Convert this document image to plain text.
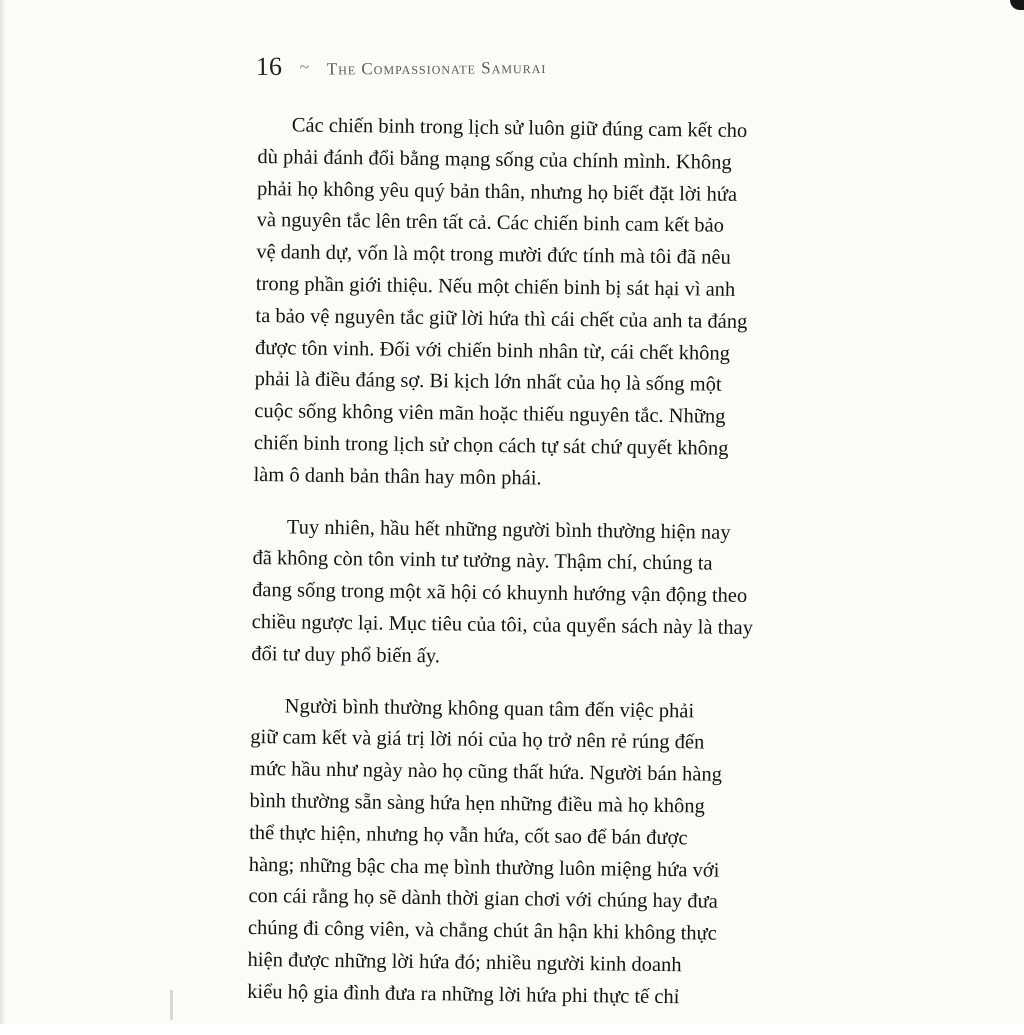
16 ~ The Compassionate Samurai
Các chiến binh trong lịch sử luôn giữ đúng cam kết cho
dù phải đánh đổi bằng mạng sống của chính mình. Không
phải họ không yêu quý bản thân, nhưng họ biết đặt lời hứa
và nguyên tắc lên trên tất cả. Các chiến binh cam kết bảo
vệ danh dự, vốn là một trong mười đức tính mà tôi đã nêu
trong phần giới thiệu. Nếu một chiến binh bị sát hại vì anh
ta bảo vệ nguyên tắc giữ lời hứa thì cái chết của anh ta đáng
được tôn vinh. Đối với chiến binh nhân từ, cái chết không
phải là điều đáng sợ. Bi kịch lớn nhất của họ là sống một
cuộc sống không viên mãn hoặc thiếu nguyên tắc. Những
chiến binh trong lịch sử chọn cách tự sát chứ quyết không
làm ô danh bản thân hay môn phái.
Tuy nhiên, hầu hết những người bình thường hiện nay
đã không còn tôn vinh tư tưởng này. Thậm chí, chúng ta
đang sống trong một xã hội có khuynh hướng vận động theo
chiều ngược lại. Mục tiêu của tôi, của quyển sách này là thay
đổi tư duy phổ biến ấy.
Người bình thường không quan tâm đến việc phải
giữ cam kết và giá trị lời nói của họ trở nên rẻ rúng đến
mức hầu như ngày nào họ cũng thất hứa. Người bán hàng
bình thường sẵn sàng hứa hẹn những điều mà họ không
thể thực hiện, nhưng họ vẫn hứa, cốt sao để bán được
hàng; những bậc cha mẹ bình thường luôn miệng hứa với
con cái rằng họ sẽ dành thời gian chơi với chúng hay đưa
chúng đi công viên, và chẳng chút ân hận khi không thực
hiện được những lời hứa đó; nhiều người kinh doanh
kiểu hộ gia đình đưa ra những lời hứa phi thực tế chỉ
